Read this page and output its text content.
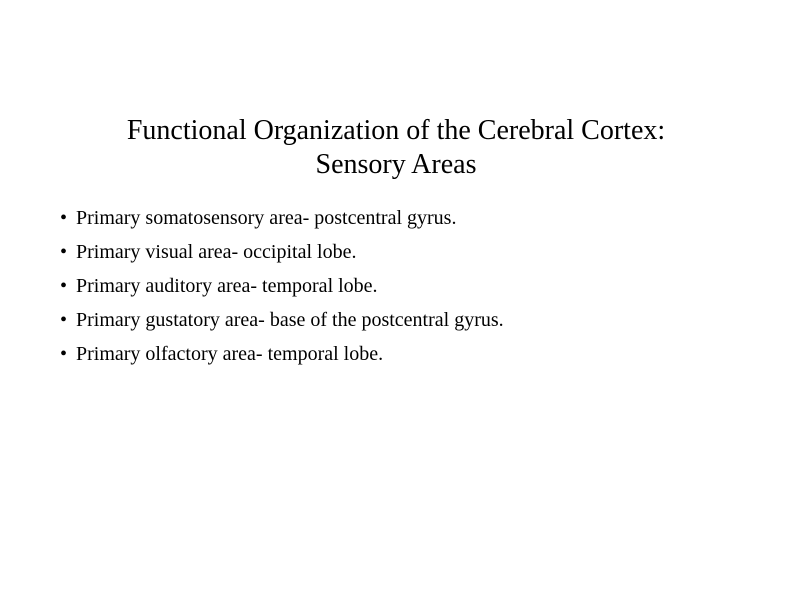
Functional Organization of the Cerebral Cortex:
Sensory Areas
• Primary somatosensory area- postcentral gyrus.
• Primary visual area- occipital lobe.
• Primary auditory area- temporal lobe.
• Primary gustatory area- base of the postcentral gyrus.
• Primary olfactory area- temporal lobe.
